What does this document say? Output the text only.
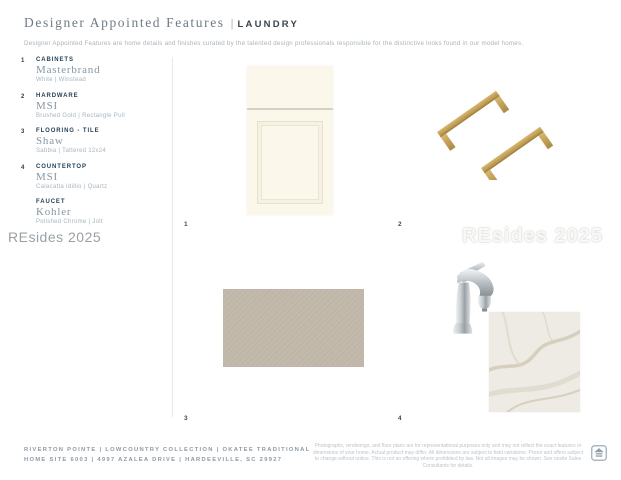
Designer Appointed Features | LAUNDRY
Designer Appointed Features are home details and finishes curated by the talented design professionals responsible for the distinctive looks found in our model homes.
1 CABINETS
Masterbrand
White | Winstead
2 HARDWARE
MSI
Brushed Gold | Rectangle Pull
3 FLOORING - TILE
Shaw
Sabbia | Tattered 12x24
4 COUNTERTOP
MSI
Calacatta Idillio | Quartz
FAUCET
Kohler
Polished Chrome | Jolt	1	2
3	4
REsides 2025	REsides 2025
RIVERTON POINTE | LOWCOUNTRY COLLECTION | OKATEE TRADITIONAL
HOME SITE 6003 | 4997 AZALEA DRIVE | HARDEEVILLE, SC 29927
Photographs, renderings, and floor plans are for representational purposes only and may not reflect the exact features or dimensions of your home. Actual product may differ. All dimensions are subject to field variations. Prices and offers subject to change without notice. This is not an offering where prohibited by law. Not all images may be shown. See onsite Sales Consultants for details.
